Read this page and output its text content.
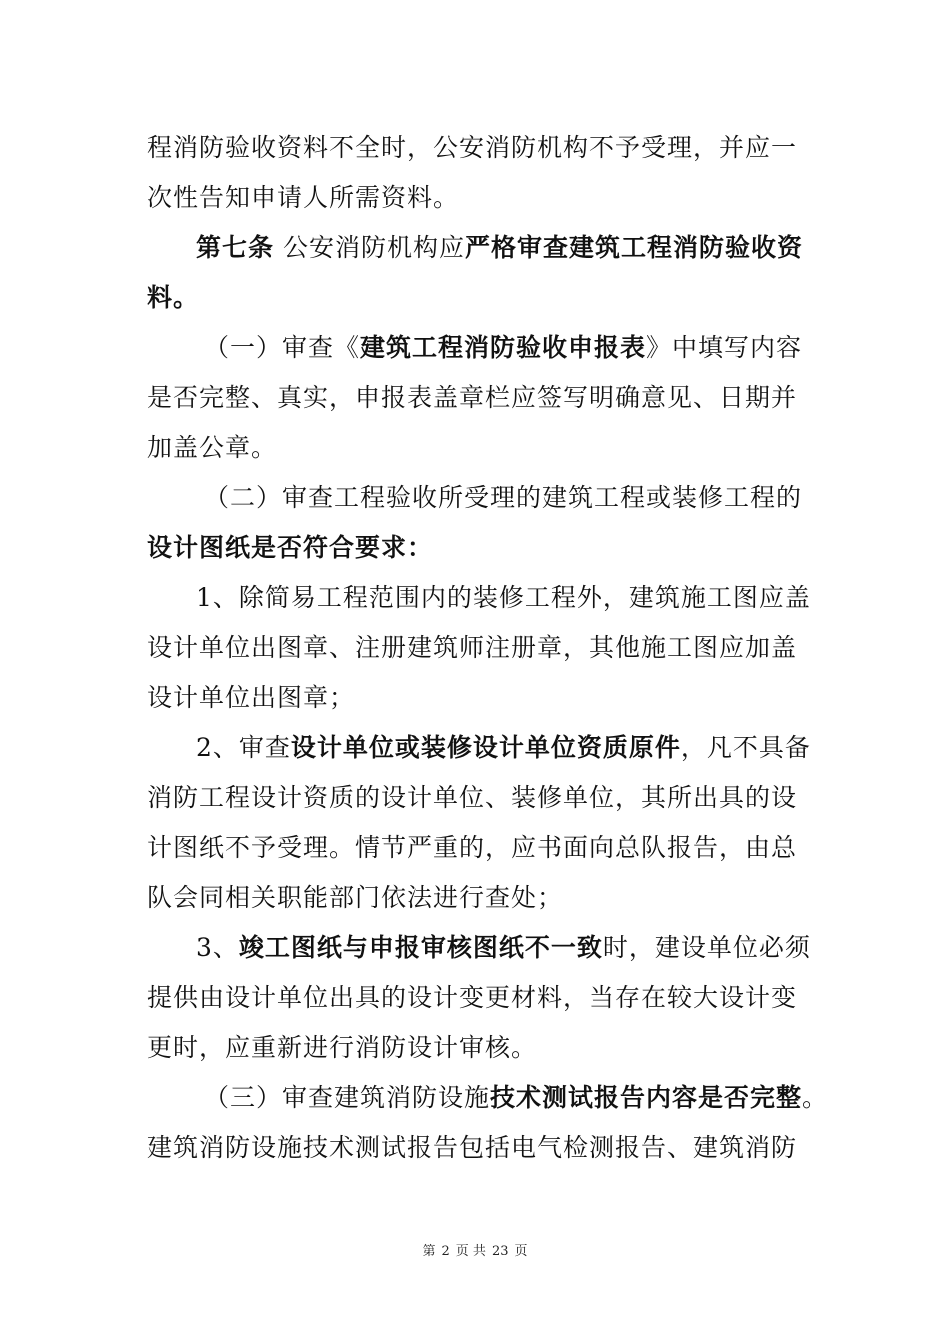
程消防验收资料不全时，公安消防机构不予受理，并应一
次性告知申请人所需资料。
第七条 公安消防机构应严格审查建筑工程消防验收资
料。
（一）审查《建筑工程消防验收申报表》中填写内容
是否完整、真实，申报表盖章栏应签写明确意见、日期并
加盖公章。
（二）审查工程验收所受理的建筑工程或装修工程的
设计图纸是否符合要求：
1、除简易工程范围内的装修工程外，建筑施工图应盖
设计单位出图章、注册建筑师注册章，其他施工图应加盖
设计单位出图章；
2、审查设计单位或装修设计单位资质原件，凡不具备
消防工程设计资质的设计单位、装修单位，其所出具的设
计图纸不予受理。情节严重的，应书面向总队报告，由总
队会同相关职能部门依法进行查处；
3、竣工图纸与申报审核图纸不一致时，建设单位必须
提供由设计单位出具的设计变更材料，当存在较大设计变
更时，应重新进行消防设计审核。
（三）审查建筑消防设施技术测试报告内容是否完整。
建筑消防设施技术测试报告包括电气检测报告、建筑消防
第 2 页 共 23 页
